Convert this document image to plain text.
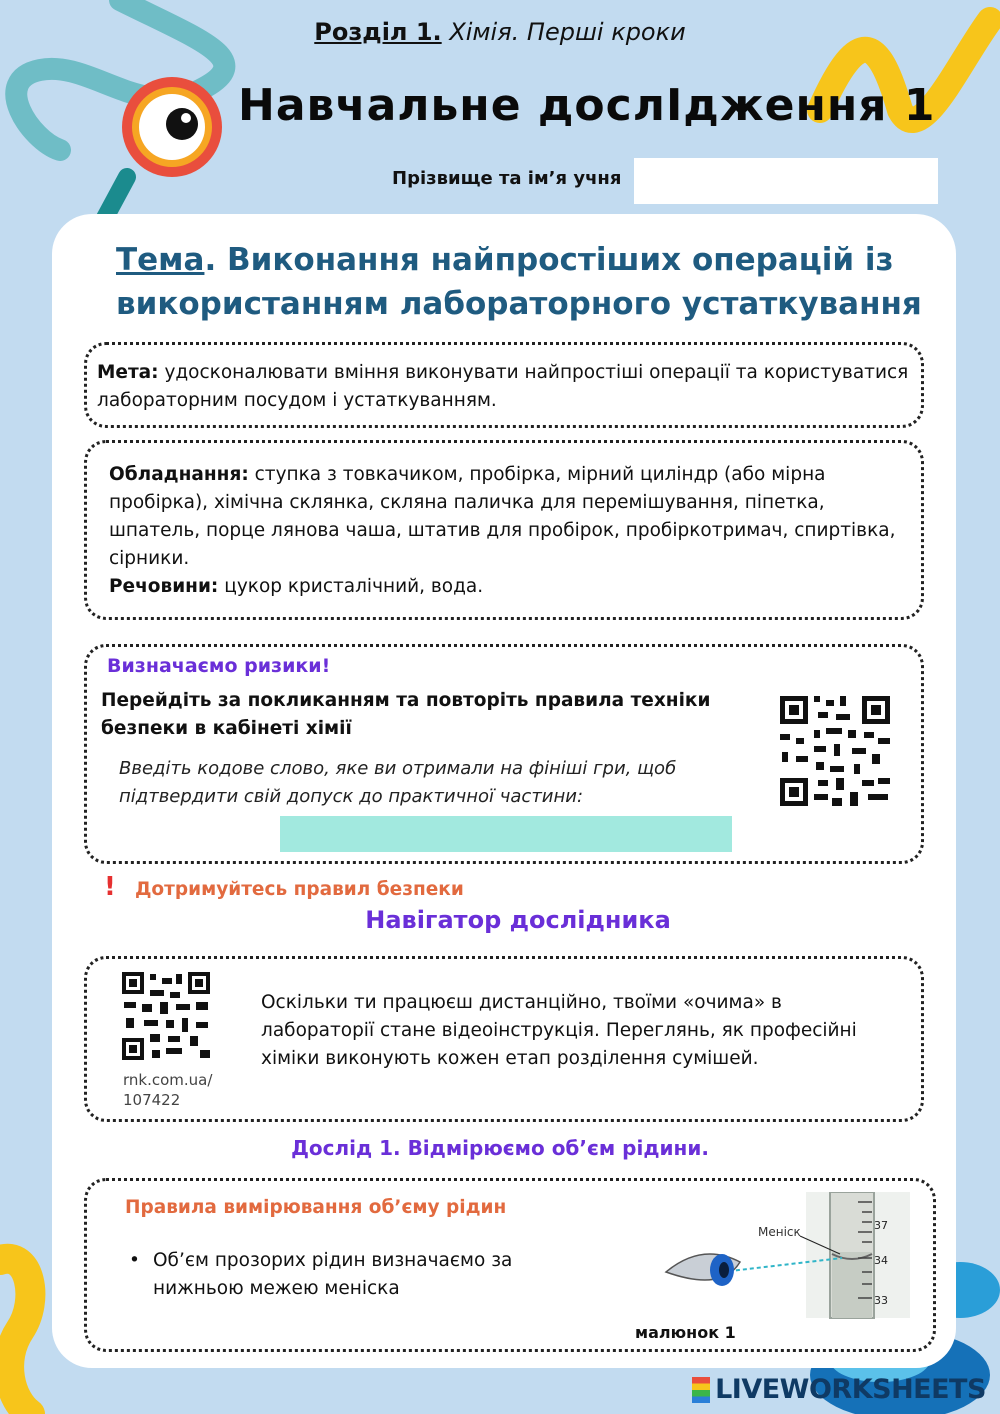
Розділ 1. Хімія. Перші кроки
Навчальне дослІдження 1
Прізвище та ім’я учня
Тема. Виконання найпростіших операцій із використанням лабораторного устаткування
Мета: удосконалювати вміння виконувати найпростіші операції та користуватися лабораторним посудом і устаткуванням.
Обладнання: ступка з товкачиком, пробірка, мірний циліндр (або мірна пробірка), хімічна склянка, скляна паличка для перемішування, піпетка, шпатель, порце лянова чаша, штатив для пробірок, пробіркотримач, спиртівка, сірники.
Речовини: цукор кристалічний, вода.
Визначаємо ризики!
Перейдіть за покликанням та повторіть правила техніки безпеки в кабінеті хімії
Введіть кодове слово, яке ви отримали на фініші гри, щоб підтвердити свій допуск до практичної частини:
! Дотримуйтесь правил безпеки
Навігатор дослідника
rnk.com.ua/
107422
Оскільки ти працюєш дистанційно, твоїми «очима» в лабораторії стане відеоінструкція. Переглянь, як професійні хіміки виконують кожен етап розділення сумішей.
Дослід 1. Відмірюємо об’єм рідини.
Правила вимірювання об’єму рідин
• Об’єм прозорих рідин визначаємо за нижньою межею меніска
малюнок 1
37
34
33
Меніск
LIVEWORKSHEETS
